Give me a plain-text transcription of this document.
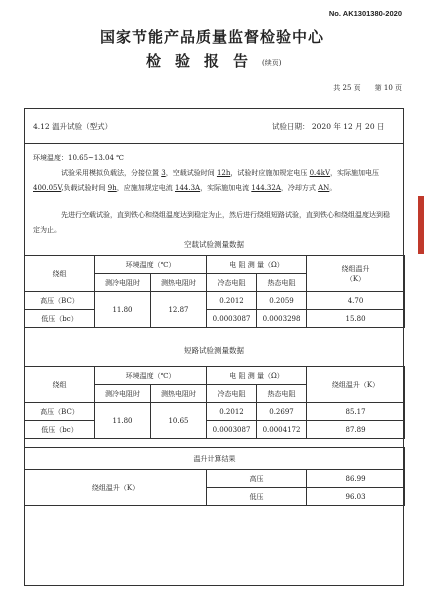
No. AK1301380-2020
国家节能产品质量监督检验中心
检验报告 (续页)
共 25 页 第 10 页
4.12 温升试验（型式）	试验日期： 2020 年 12 月 20 日
环境温度：10.65~13.04 ℃
试验采用模拟负载法，分接位置 3，空载试验时间 12h，试验时应施加规定电压 0.4kV，实际施加电压400.05V,负载试验时间 9h，应施加规定电流 144.3A，实际施加电流 144.32A，冷却方式 AN。
先进行空载试验，直到铁心和绕组温度达到稳定为止，然后进行绕组短路试验，直到铁心和绕组温度达到稳定为止。
空载试验测量数据
绕组	环境温度（℃）		电 阻 测 量（Ω）		绕组温升
（K）

	测冷电阻时	测热电阻时	冷态电阻	热态电阻	
高压（BC）	11.80	12.87	0.2012	0.2059	4.70
低压（bc）			0.0003087	0.0003298	15.80
短路试验测量数据
绕组	环境温度（℃）		电 阻 测 量（Ω）		绕组温升（K）
	测冷电阻时	测热电阻时	冷态电阻	热态电阻	
高压（BC）	11.80	10.65	0.2012	0.2697	85.17
低压（bc）			0.0003087	0.0004172	87.89
温升计算结果		
绕组温升（K）	高压	86.99
	低压	96.03
